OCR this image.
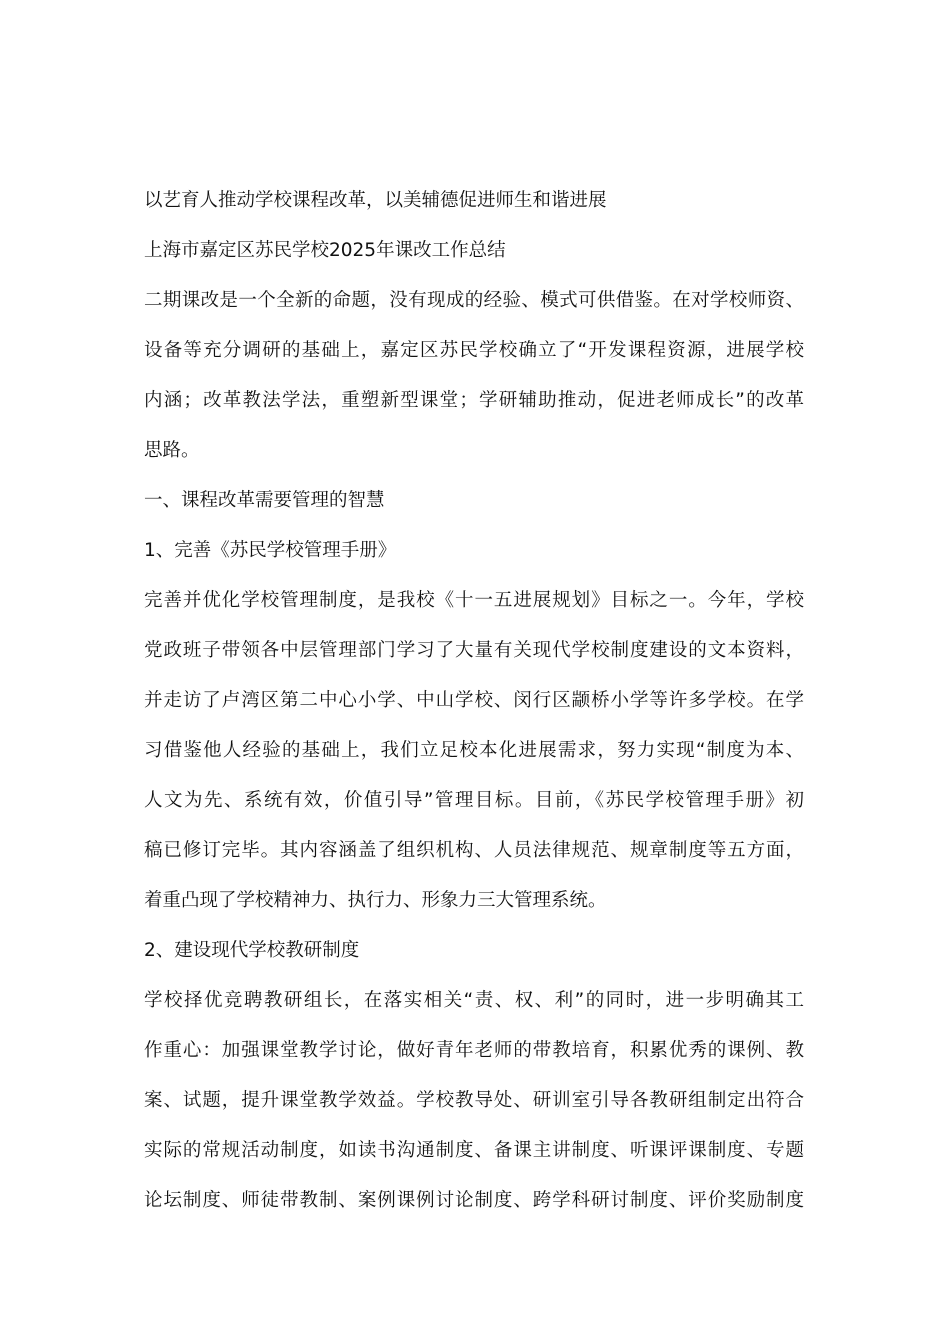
以艺育人推动学校课程改革，以美辅德促进师生和谐进展
上海市嘉定区苏民学校2025年课改工作总结
二期课改是一个全新的命题，没有现成的经验、模式可供借鉴。在对学校师资、
设备等充分调研的基础上，嘉定区苏民学校确立了“开发课程资源，进展学校
内涵；改革教法学法，重塑新型课堂；学研辅助推动，促进老师成长”的改革
思路。
一、课程改革需要管理的智慧
1、完善《苏民学校管理手册》
完善并优化学校管理制度，是我校《十一五进展规划》目标之一。今年，学校
党政班子带领各中层管理部门学习了大量有关现代学校制度建设的文本资料，
并走访了卢湾区第二中心小学、中山学校、闵行区颛桥小学等许多学校。在学
习借鉴他人经验的基础上，我们立足校本化进展需求，努力实现“制度为本、
人文为先、系统有效，价值引导”管理目标。目前，《苏民学校管理手册》初
稿已修订完毕。其内容涵盖了组织机构、人员法律规范、规章制度等五方面，
着重凸现了学校精神力、执行力、形象力三大管理系统。
2、建设现代学校教研制度
学校择优竞聘教研组长，在落实相关“责、权、利”的同时，进一步明确其工
作重心：加强课堂教学讨论，做好青年老师的带教培育，积累优秀的课例、教
案、试题，提升课堂教学效益。学校教导处、研训室引导各教研组制定出符合
实际的常规活动制度，如读书沟通制度、备课主讲制度、听课评课制度、专题
论坛制度、师徒带教制、案例课例讨论制度、跨学科研讨制度、评价奖励制度
